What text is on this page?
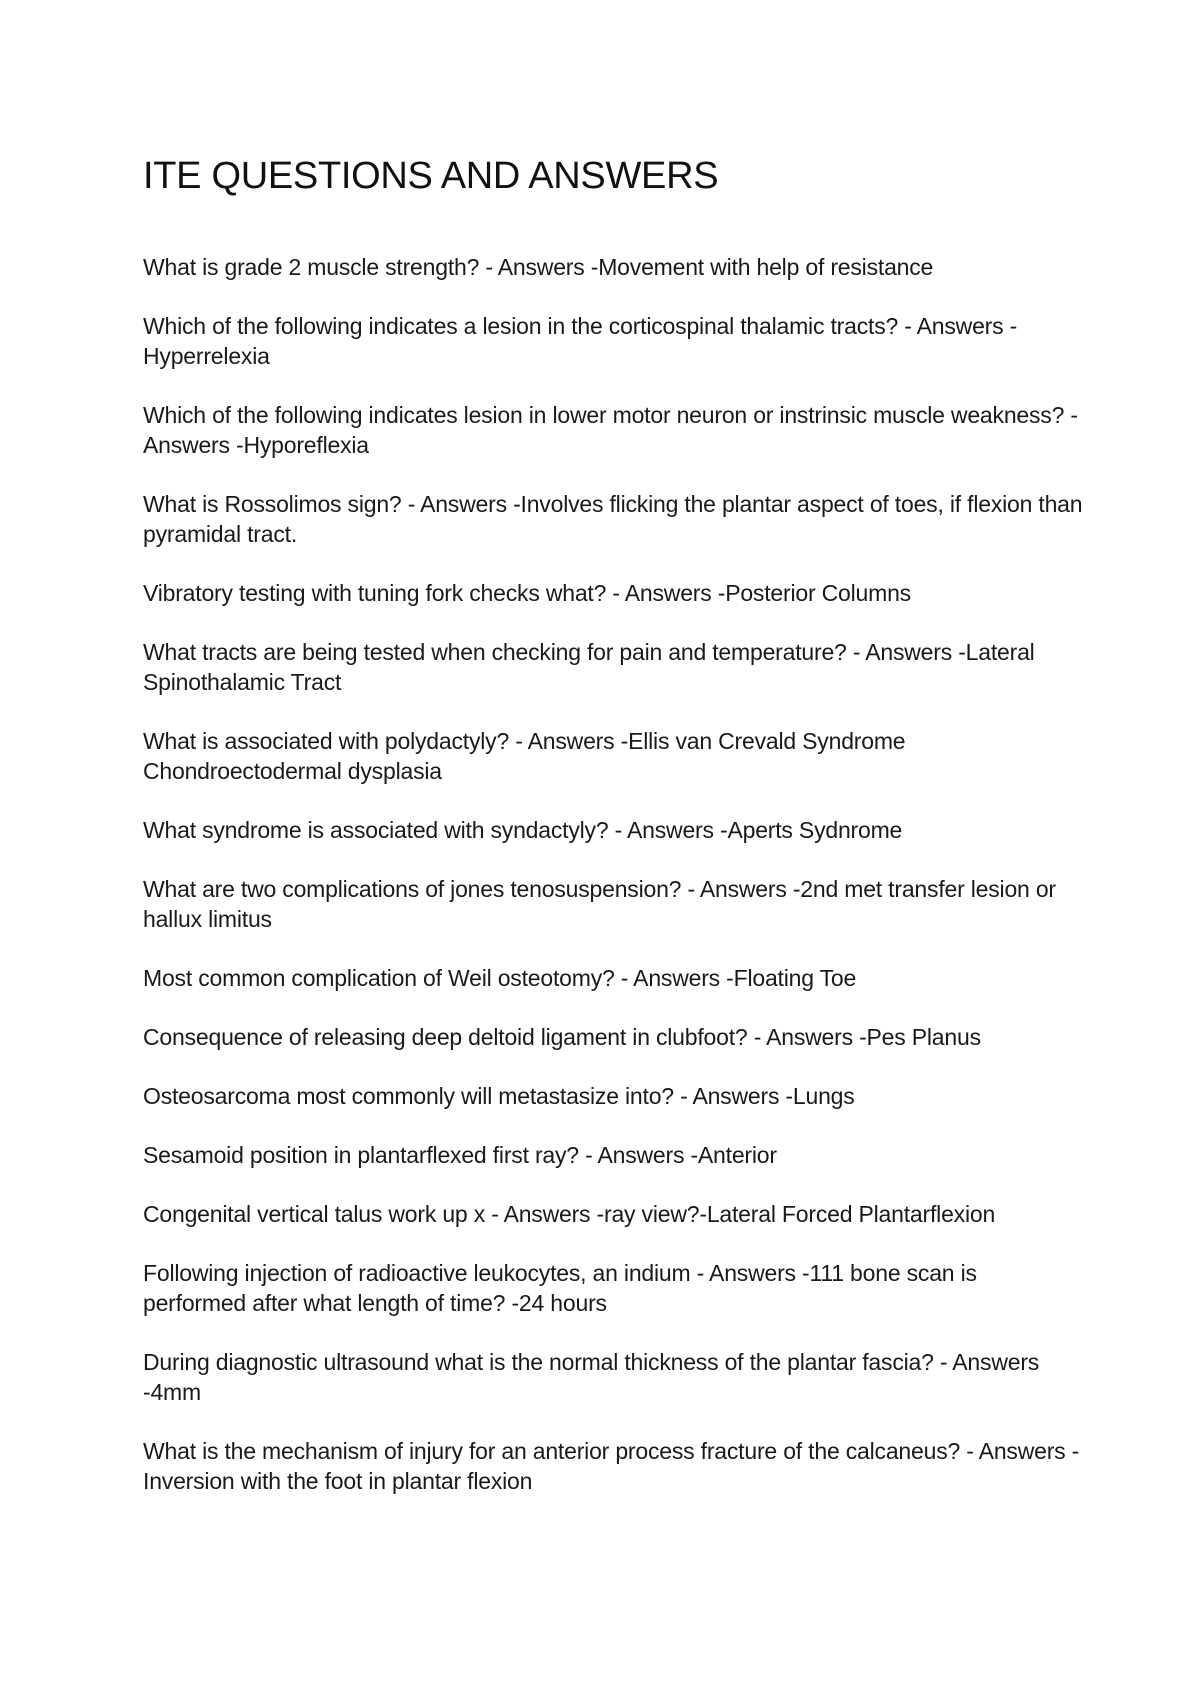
ITE QUESTIONS AND ANSWERS

What is grade 2 muscle strength? - Answers -Movement with help of resistance

Which of the following indicates a lesion in the corticospinal thalamic tracts? - Answers -Hyperrelexia

Which of the following indicates lesion in lower motor neuron or instrinsic muscle weakness? - Answers -Hyporeflexia

What is Rossolimos sign? - Answers -Involves flicking the plantar aspect of toes, if flexion than pyramidal tract.

Vibratory testing with tuning fork checks what? - Answers -Posterior Columns

What tracts are being tested when checking for pain and temperature? - Answers -Lateral Spinothalamic Tract

What is associated with polydactyly? - Answers -Ellis van Crevald Syndrome Chondroectodermal dysplasia

What syndrome is associated with syndactyly? - Answers -Aperts Sydnrome

What are two complications of jones tenosuspension? - Answers -2nd met transfer lesion or hallux limitus

Most common complication of Weil osteotomy? - Answers -Floating Toe

Consequence of releasing deep deltoid ligament in clubfoot? - Answers -Pes Planus

Osteosarcoma most commonly will metastasize into? - Answers -Lungs

Sesamoid position in plantarflexed first ray? - Answers -Anterior

Congenital vertical talus work up x - Answers -ray view?-Lateral Forced Plantarflexion

Following injection of radioactive leukocytes, an indium - Answers -111 bone scan is performed after what length of time? -24 hours

During diagnostic ultrasound what is the normal thickness of the plantar fascia? - Answers -4mm

What is the mechanism of injury for an anterior process fracture of the calcaneus? - Answers -Inversion with the foot in plantar flexion
